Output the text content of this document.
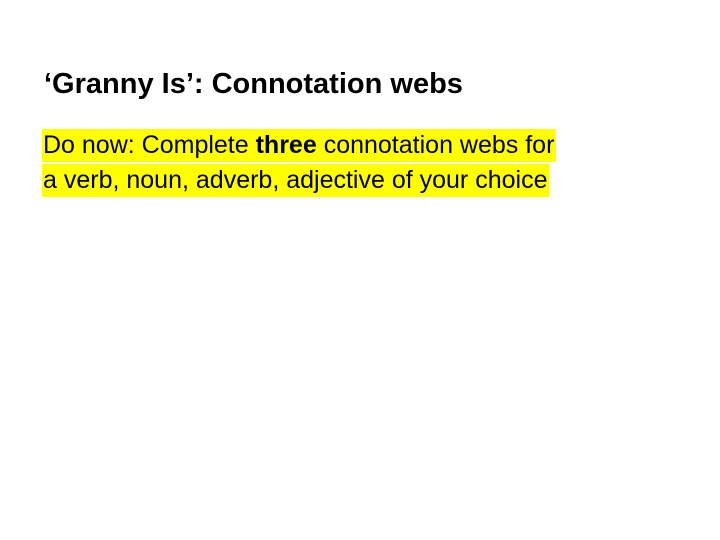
‘Granny Is’: Connotation webs
Do now: Complete three connotation webs for
a verb, noun, adverb, adjective of your choice
